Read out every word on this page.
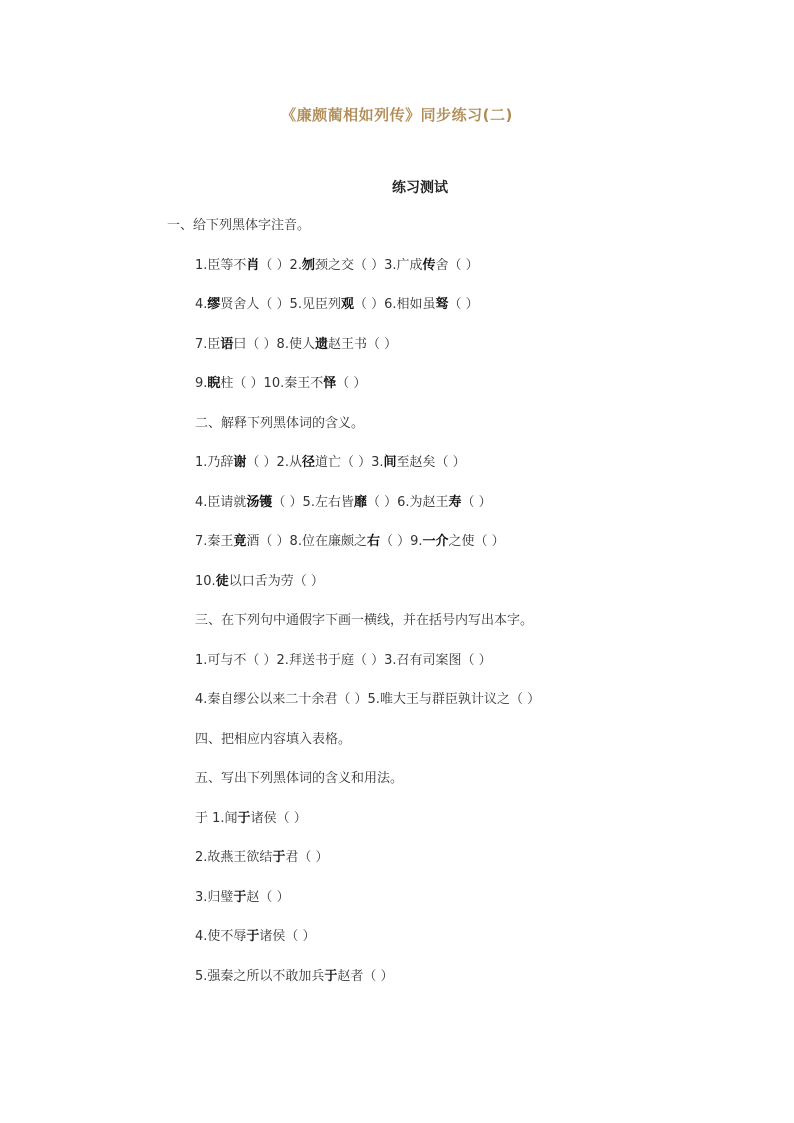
《廉颇蔺相如列传》同步练习(二)
练习测试
一、给下列黑体字注音。
1.臣等不肖（ ）2.刎颈之交（ ）3.广成传舍（ ）
4.缪贤舍人（ ）5.见臣列观（ ）6.相如虽驽（ ）
7.臣语曰（ ）8.使人遗赵王书（ ）
9.睨柱（ ）10.秦王不怿（ ）
二、解释下列黑体词的含义。
1.乃辞谢（ ）2.从径道亡（ ）3.间至赵矣（ ）
4.臣请就汤镬（ ）5.左右皆靡（ ）6.为赵王寿（ ）
7.秦王竟酒（ ）8.位在廉颇之右（ ）9.一介之使（ ）
10.徒以口舌为劳（ ）
三、在下列句中通假字下画一横线，并在括号内写出本字。
1.可与不（ ）2.拜送书于庭（ ）3.召有司案图（ ）
4.秦自缪公以来二十余君（ ）5.唯大王与群臣孰计议之（ ）
四、把相应内容填入表格。
五、写出下列黑体词的含义和用法。
于 1.闻于诸侯（ ）
2.故燕王欲结于君（ ）
3.归璧于赵（ ）
4.使不辱于诸侯（ ）
5.强秦之所以不敢加兵于赵者（ ）
